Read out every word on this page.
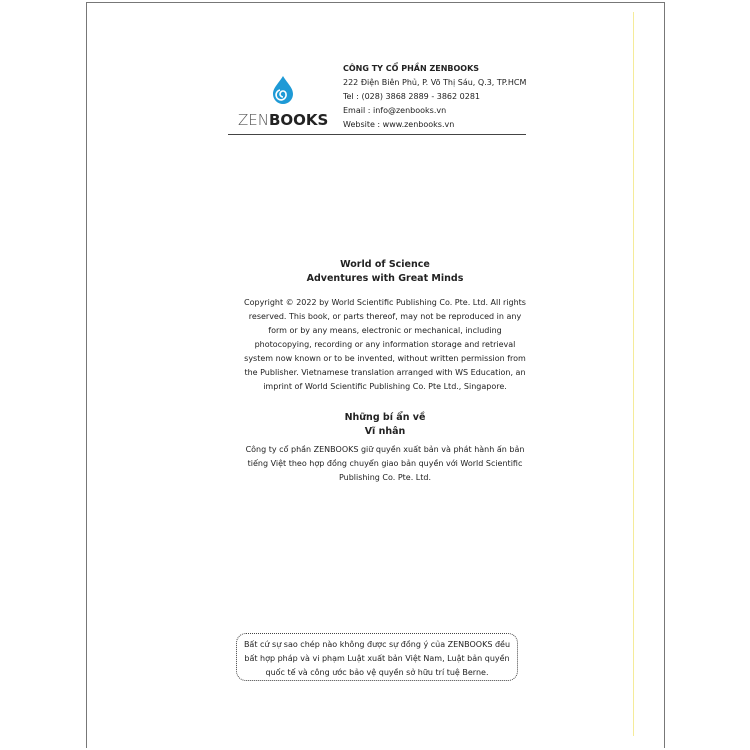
ZENBOOKS
CÔNG TY CỔ PHẦN ZENBOOKS
222 Điện Biên Phủ, P. Võ Thị Sáu, Q.3, TP.HCM
Tel : (028) 3868 2889 - 3862 0281
Email : info@zenbooks.vn
Website : www.zenbooks.vn
World of Science
Adventures with Great Minds
Copyright © 2022 by World Scientific Publishing Co. Pte. Ltd. All rights reserved. This book, or parts thereof, may not be reproduced in any form or by any means, electronic or mechanical, including photocopying, recording or any information storage and retrieval system now known or to be invented, without written permission from the Publisher. Vietnamese translation arranged with WS Education, an imprint of World Scientific Publishing Co. Pte Ltd., Singapore.
Những bí ẩn về
Vĩ nhân
Công ty cổ phần ZENBOOKS giữ quyền xuất bản và phát hành ấn bản tiếng Việt theo hợp đồng chuyển giao bản quyền với World Scientific Publishing Co. Pte. Ltd.
Bất cứ sự sao chép nào không được sự đồng ý của ZENBOOKS đều bất hợp pháp và vi phạm Luật xuất bản Việt Nam, Luật bản quyền quốc tế và công ước bảo vệ quyền sở hữu trí tuệ Berne.
